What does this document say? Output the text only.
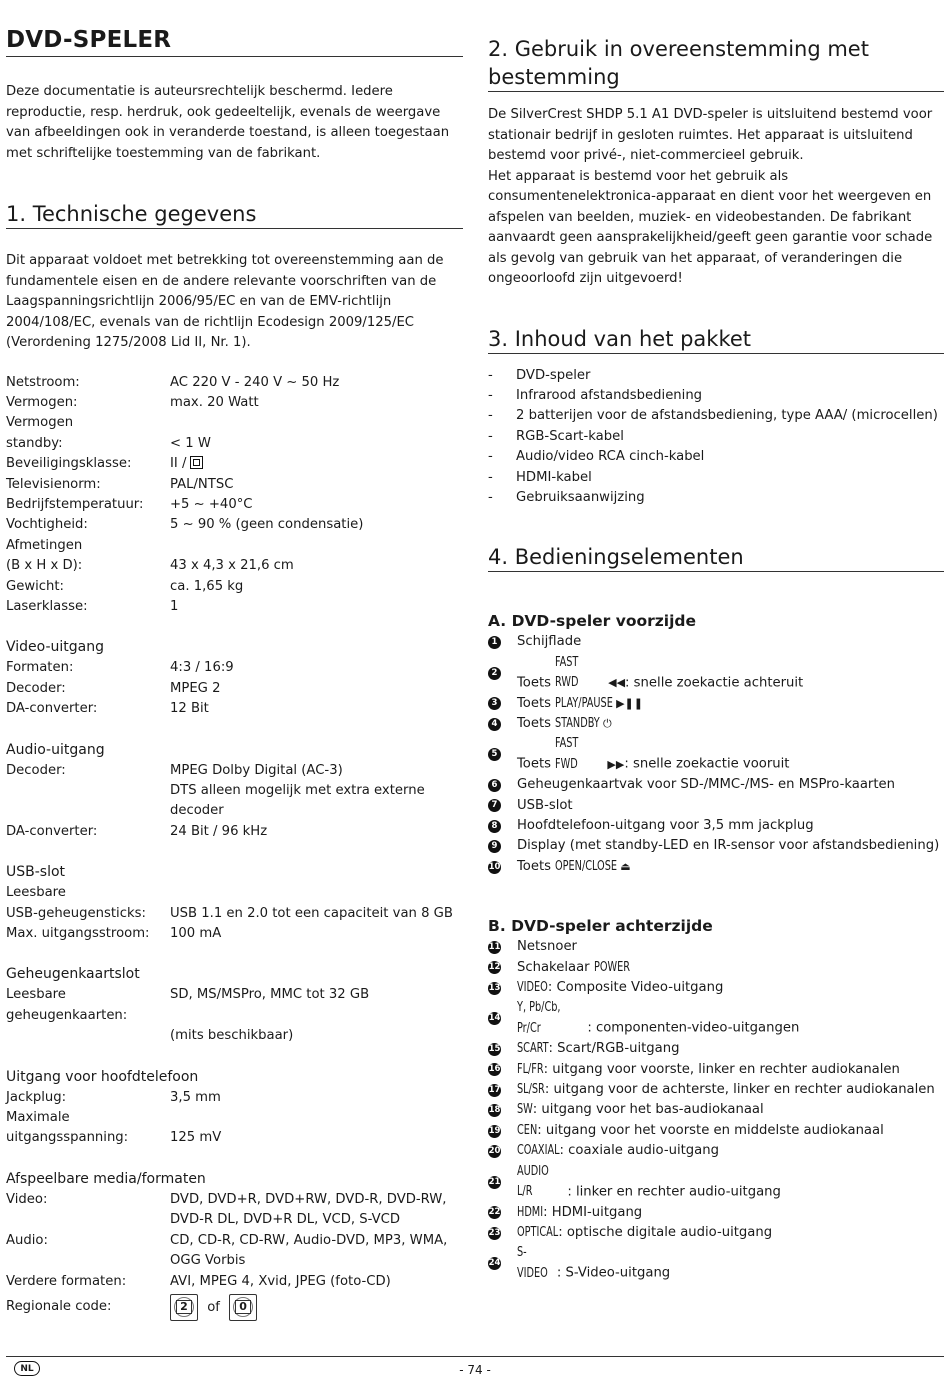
DVD-SPELER

Deze documentatie is auteursrechtelijk beschermd. Iedere reproductie, resp. herdruk, ook gedeeltelijk, evenals de weergave van afbeeldingen ook in veranderde toestand, is alleen toegestaan met schriftelijke toestemming van de fabrikant.

1. Technische gegevens

Dit apparaat voldoet met betrekking tot overeenstemming aan de fundamentele eisen en de andere relevante voorschriften van de Laagspanningsrichtlijn 2006/95/EC en van de EMV-richtlijn 2004/108/EC, evenals van de richtlijn Ecodesign 2009/125/EC (Verordening 1275/2008 Lid II, Nr. 1).

Netstroom:	AC 220 V - 240 V ~ 50 Hz
Vermogen:	max. 20 Watt
Vermogen
standby:	< 1 W
Beveiligingsklasse:	II /
Televisienorm:	PAL/NTSC
Bedrijfstemperatuur:	+5 ~ +40°C
Vochtigheid:	5 ~ 90 % (geen condensatie)
Afmetingen
(B x H x D):	43 x 4,3 x 21,6 cm
Gewicht:	ca. 1,65 kg
Laserklasse:	1
Video-uitgang
Formaten:	4:3 / 16:9
Decoder:	MPEG 2
DA-converter:	12 Bit
Audio-uitgang
Decoder:	MPEG Dolby Digital (AC-3)
DTS alleen mogelijk met extra externe decoder
DA-converter:	24 Bit / 96 kHz
USB-slot
Leesbare
USB-geheugensticks:	USB 1.1 en 2.0 tot een capaciteit van 8 GB
Max. uitgangsstroom:	100 mA
Geheugenkaartslot
Leesbare geheugenkaarten:
SD, MS/MSPro, MMC tot 32 GB
(mits beschikbaar)
Uitgang voor hoofdtelefoon
Jackplug:	3,5 mm
Maximale
uitgangsspanning:	125 mV
Afspeelbare media/formaten
Video:	DVD, DVD+R, DVD+RW, DVD-R, DVD-RW,
DVD-R DL, DVD+R DL, VCD, S-VCD
Audio:	CD, CD-R, CD-RW, Audio-DVD, MP3, WMA,
OGG Vorbis
Verdere formaten:	AVI, MPEG 4, Xvid, JPEG (foto-CD)
Regionale code:	2	of	0
2. Gebruik in overeenstemming met bestemming

De SilverCrest SHDP 5.1 A1 DVD-speler is uitsluitend bestemd voor stationair bedrijf in gesloten ruimtes. Het apparaat is uitsluitend bestemd voor privé-, niet-commercieel gebruik.

Het apparaat is bestemd voor het gebruik als consumentenelektronica-apparaat en dient voor het weergeven en afspelen van beelden, muziek- en videobestanden. De fabrikant aanvaardt geen aansprakelijkheid/geeft geen garantie voor schade als gevolg van gebruik van het apparaat, of veranderingen die ongeoorloofd zijn uitgevoerd!

3. Inhoud van het pakket
-	DVD-speler
-	Infrarood afstandsbediening
-	2 batterijen voor de afstandsbediening, type AAA/ (microcellen)
-	RGB-Scart-kabel
-	Audio/video RCA cinch-kabel
-	HDMI-kabel
-	Gebruiksaanwijzing
4. Bedieningselementen
A. DVD-speler voorzijde
1 Schijflade
2
Toets FAST RWD	◀◀: snelle zoekactie achteruit
3 Toets PLAY/PAUSE ▶❚❚
4 Toets STANDBY ⏻
5
Toets FAST FWD	▶▶: snelle zoekactie vooruit
6 Geheugenkaartvak voor SD-/MMC-/MS- en MSPro-kaarten
7 USB-slot
8 Hoofdtelefoon-uitgang voor 3,5 mm jackplug
9 Display (met standby-LED en IR-sensor voor afstandsbediening)
10 Toets OPEN/CLOSE ⏏
B. DVD-speler achterzijde
11 Netsnoer
12 Schakelaar POWER
13 VIDEO: Composite Video-uitgang
14
Y, Pb/Cb, Pr/Cr	: componenten-video-uitgangen
15 SCART: Scart/RGB-uitgang
16 FL/FR: uitgang voor voorste, linker en rechter audiokanalen
17 SL/SR: uitgang voor de achterste, linker en rechter audiokanalen
18 SW: uitgang voor het bas-audiokanaal
19 CEN: uitgang voor het voorste en middelste audiokanaal
20 COAXIAL: coaxiale audio-uitgang
21
AUDIO L/R	: linker en rechter audio-uitgang
22 HDMI: HDMI-uitgang
23 OPTICAL: optische digitale audio-uitgang
24
S-VIDEO : S-Video-uitgang
NL	- 74 -
